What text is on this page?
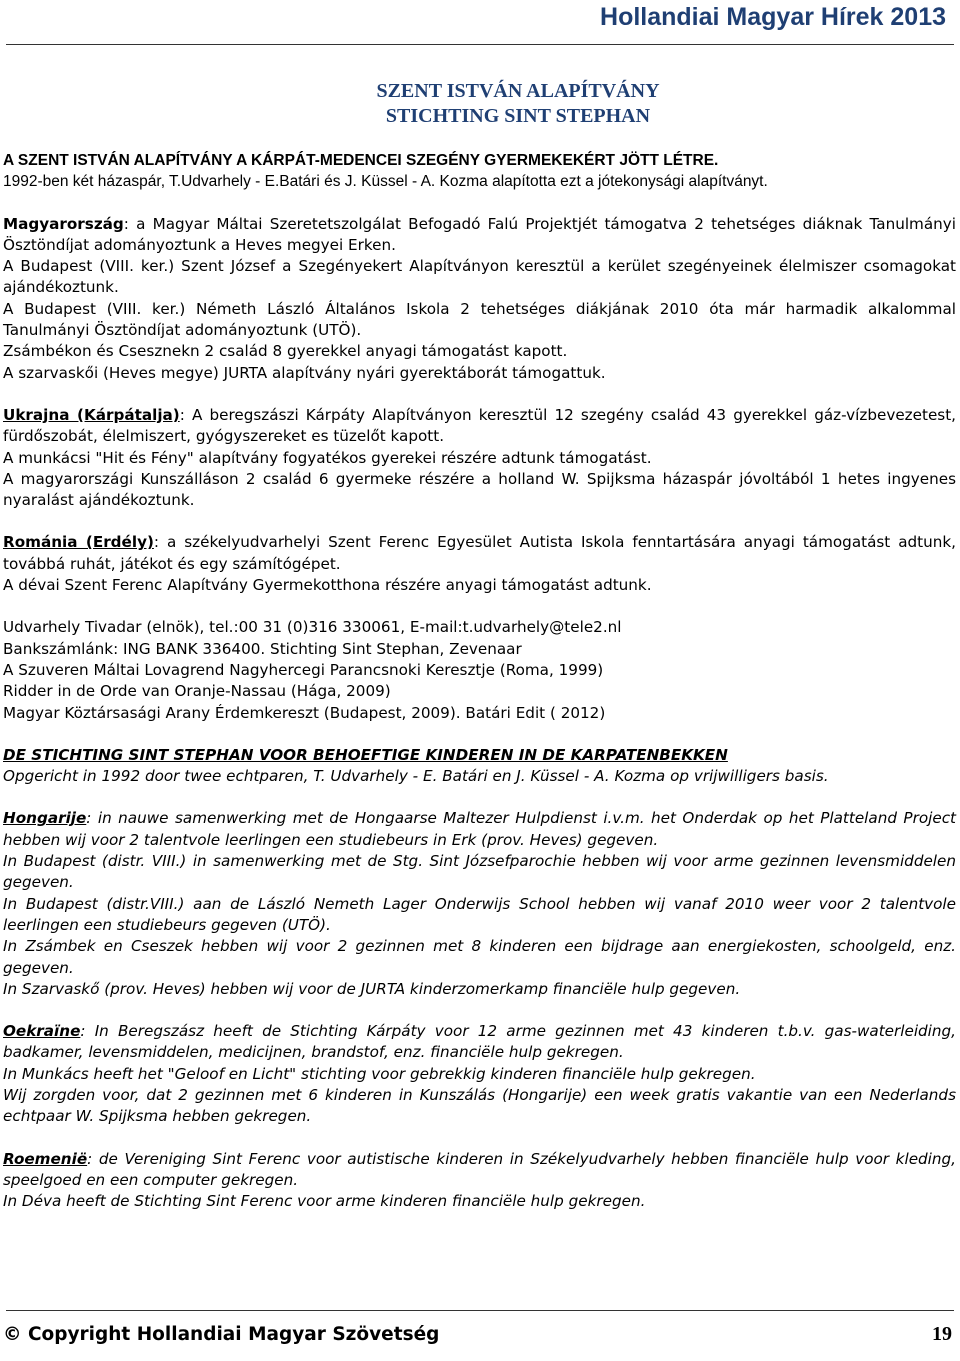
Hollandiai Magyar Hírek 2013
SZENT ISTVÁN ALAPÍTVÁNY
STICHTING SINT STEPHAN

A SZENT ISTVÁN ALAPÍTVÁNY A KÁRPÁT-MEDENCEI SZEGÉNY GYERMEKEKÉRT JÖTT LÉTRE.

1992-ben két házaspár, T.Udvarhely - E.Batári és J. Küssel - A. Kozma alapította ezt a jótekonysági alapítványt.

Magyarország: a Magyar Máltai Szeretetszolgálat Befogadó Falú Projektjét támogatva 2 tehetséges diáknak Tanulmányi Ösztöndíjat adományoztunk a Heves megyei Erken.

A Budapest (VIII. ker.) Szent József a Szegényekert Alapítványon keresztül a kerület szegényeinek élelmiszer csomagokat ajándékoztunk.

A Budapest (VIII. ker.) Németh László Általános Iskola 2 tehetséges diákjának 2010 óta már harmadik alkalommal Tanulmányi Ösztöndíjat adományoztunk (UTÖ).

Zsámbékon és Csesznekn 2 család 8 gyerekkel anyagi támogatást kapott.

A szarvaskői (Heves megye) JURTA alapítvány nyári gyerektáborát támogattuk.

Ukrajna (Kárpátalja): A beregszászi Kárpáty Alapítványon keresztül 12 szegény család 43 gyerekkel gáz-vízbevezetest, fürdőszobát, élelmiszert, gyógyszereket es tüzelőt kapott.

A munkácsi "Hit és Fény" alapítvány fogyatékos gyerekei részére adtunk támogatást.

A magyarországi Kunszálláson 2 család 6 gyermeke részére a holland W. Spijksma házaspár jóvoltából 1 hetes ingyenes nyaralást ajándékoztunk.

Románia (Erdély): a székelyudvarhelyi Szent Ferenc Egyesület Autista Iskola fenntartására anyagi támogatást adtunk, továbbá ruhát, játékot és egy számítógépet.

A dévai Szent Ferenc Alapítvány Gyermekotthona részére anyagi támogatást adtunk.

Udvarhely Tivadar (elnök), tel.:00 31 (0)316 330061, E-mail:t.udvarhely@tele2.nl

Bankszámlánk: ING BANK 336400. Stichting Sint Stephan, Zevenaar

A Szuveren Máltai Lovagrend Nagyhercegi Parancsnoki Keresztje (Roma, 1999)

Ridder in de Orde van Oranje-Nassau (Hága, 2009)

Magyar Köztársasági Arany Érdemkereszt (Budapest, 2009). Batári Edit ( 2012)

DE STICHTING SINT STEPHAN VOOR BEHOEFTIGE KINDEREN IN DE KARPATENBEKKEN

Opgericht in 1992 door twee echtparen, T. Udvarhely - E. Batári en J. Küssel - A. Kozma op vrijwilligers basis.

Hongarije: in nauwe samenwerking met de Hongaarse Maltezer Hulpdienst i.v.m. het Onderdak op het Platteland Project hebben wij voor 2 talentvole leerlingen een studiebeurs in Erk (prov. Heves) gegeven.

In Budapest (distr. VIII.) in samenwerking met de Stg. Sint Józsefparochie hebben wij voor arme gezinnen levensmiddelen gegeven.

In Budapest (distr.VIII.) aan de László Nemeth Lager Onderwijs School hebben wij vanaf 2010 weer voor 2 talentvole leerlingen een studiebeurs gegeven (UTÖ).

In Zsámbek en Cseszek hebben wij voor 2 gezinnen met 8 kinderen een bijdrage aan energiekosten, schoolgeld, enz. gegeven.

In Szarvaskő (prov. Heves) hebben wij voor de JURTA kinderzomerkamp financiële hulp gegeven.

Oekraïne: In Beregszász heeft de Stichting Kárpáty voor 12 arme gezinnen met 43 kinderen t.b.v. gas-waterleiding, badkamer, levensmiddelen, medicijnen, brandstof, enz. financiële hulp gekregen.

In Munkács heeft het "Geloof en Licht" stichting voor gebrekkig kinderen financiële hulp gekregen.

Wij zorgden voor, dat 2 gezinnen met 6 kinderen in Kunszálás (Hongarije) een week gratis vakantie van een Nederlands echtpaar W. Spijksma hebben gekregen.

Roemenië: de Vereniging Sint Ferenc voor autistische kinderen in Székelyudvarhely hebben financiële hulp voor kleding, speelgoed en een computer gekregen.

In Déva heeft de Stichting Sint Ferenc voor arme kinderen financiële hulp gekregen.

© Copyright Hollandiai Magyar Szövetség	19
